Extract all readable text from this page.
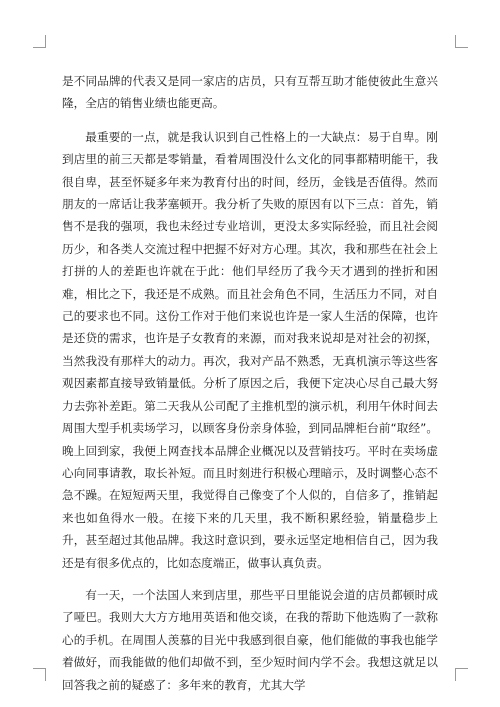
是不同品牌的代表又是同一家店的店员，只有互帮互助才能使彼此生意兴隆，全店的销售业绩也能更高。

最重要的一点，就是我认识到自己性格上的一大缺点：易于自卑。刚到店里的前三天都是零销量，看着周围没什么文化的同事都精明能干，我很自卑，甚至怀疑多年来为教育付出的时间，经历，金钱是否值得。然而朋友的一席话让我茅塞顿开。我分析了失败的原因有以下三点：首先，销售不是我的强项，我也未经过专业培训，更没太多实际经验，而且社会阅历少，和各类人交流过程中把握不好对方心理。其次，我和那些在社会上打拼的人的差距也许就在于此：他们早经历了我今天才遇到的挫折和困难，相比之下，我还是不成熟。而且社会角色不同，生活压力不同，对自己的要求也不同。这份工作对于他们来说也许是一家人生活的保障，也许是还贷的需求，也许是子女教育的来源，而对我来说却是对社会的初探，当然我没有那样大的动力。再次，我对产品不熟悉，无真机演示等这些客观因素都直接导致销量低。分析了原因之后，我便下定决心尽自己最大努力去弥补差距。第二天我从公司配了主推机型的演示机，利用午休时间去周围大型手机卖场学习，以顾客身份亲身体验，到同品牌柜台前“取经”。晚上回到家，我便上网查找本品牌企业概况以及营销技巧。平时在卖场虚心向同事请教，取长补短。而且时刻进行积极心理暗示，及时调整心态不急不躁。在短短两天里，我觉得自己像变了个人似的，自信多了，推销起来也如鱼得水一般。在接下来的几天里，我不断积累经验，销量稳步上升，甚至超过其他品牌。我这时意识到，要永远坚定地相信自己，因为我还是有很多优点的，比如态度端正，做事认真负责。

有一天，一个法国人来到店里，那些平日里能说会道的店员都顿时成了哑巴。我则大大方方地用英语和他交谈，在我的帮助下他选购了一款称心的手机。在周围人羡慕的目光中我感到很自豪，他们能做的事我也能学着做好，而我能做的他们却做不到，至少短时间内学不会。我想这就足以回答我之前的疑惑了：多年来的教育，尤其大学
